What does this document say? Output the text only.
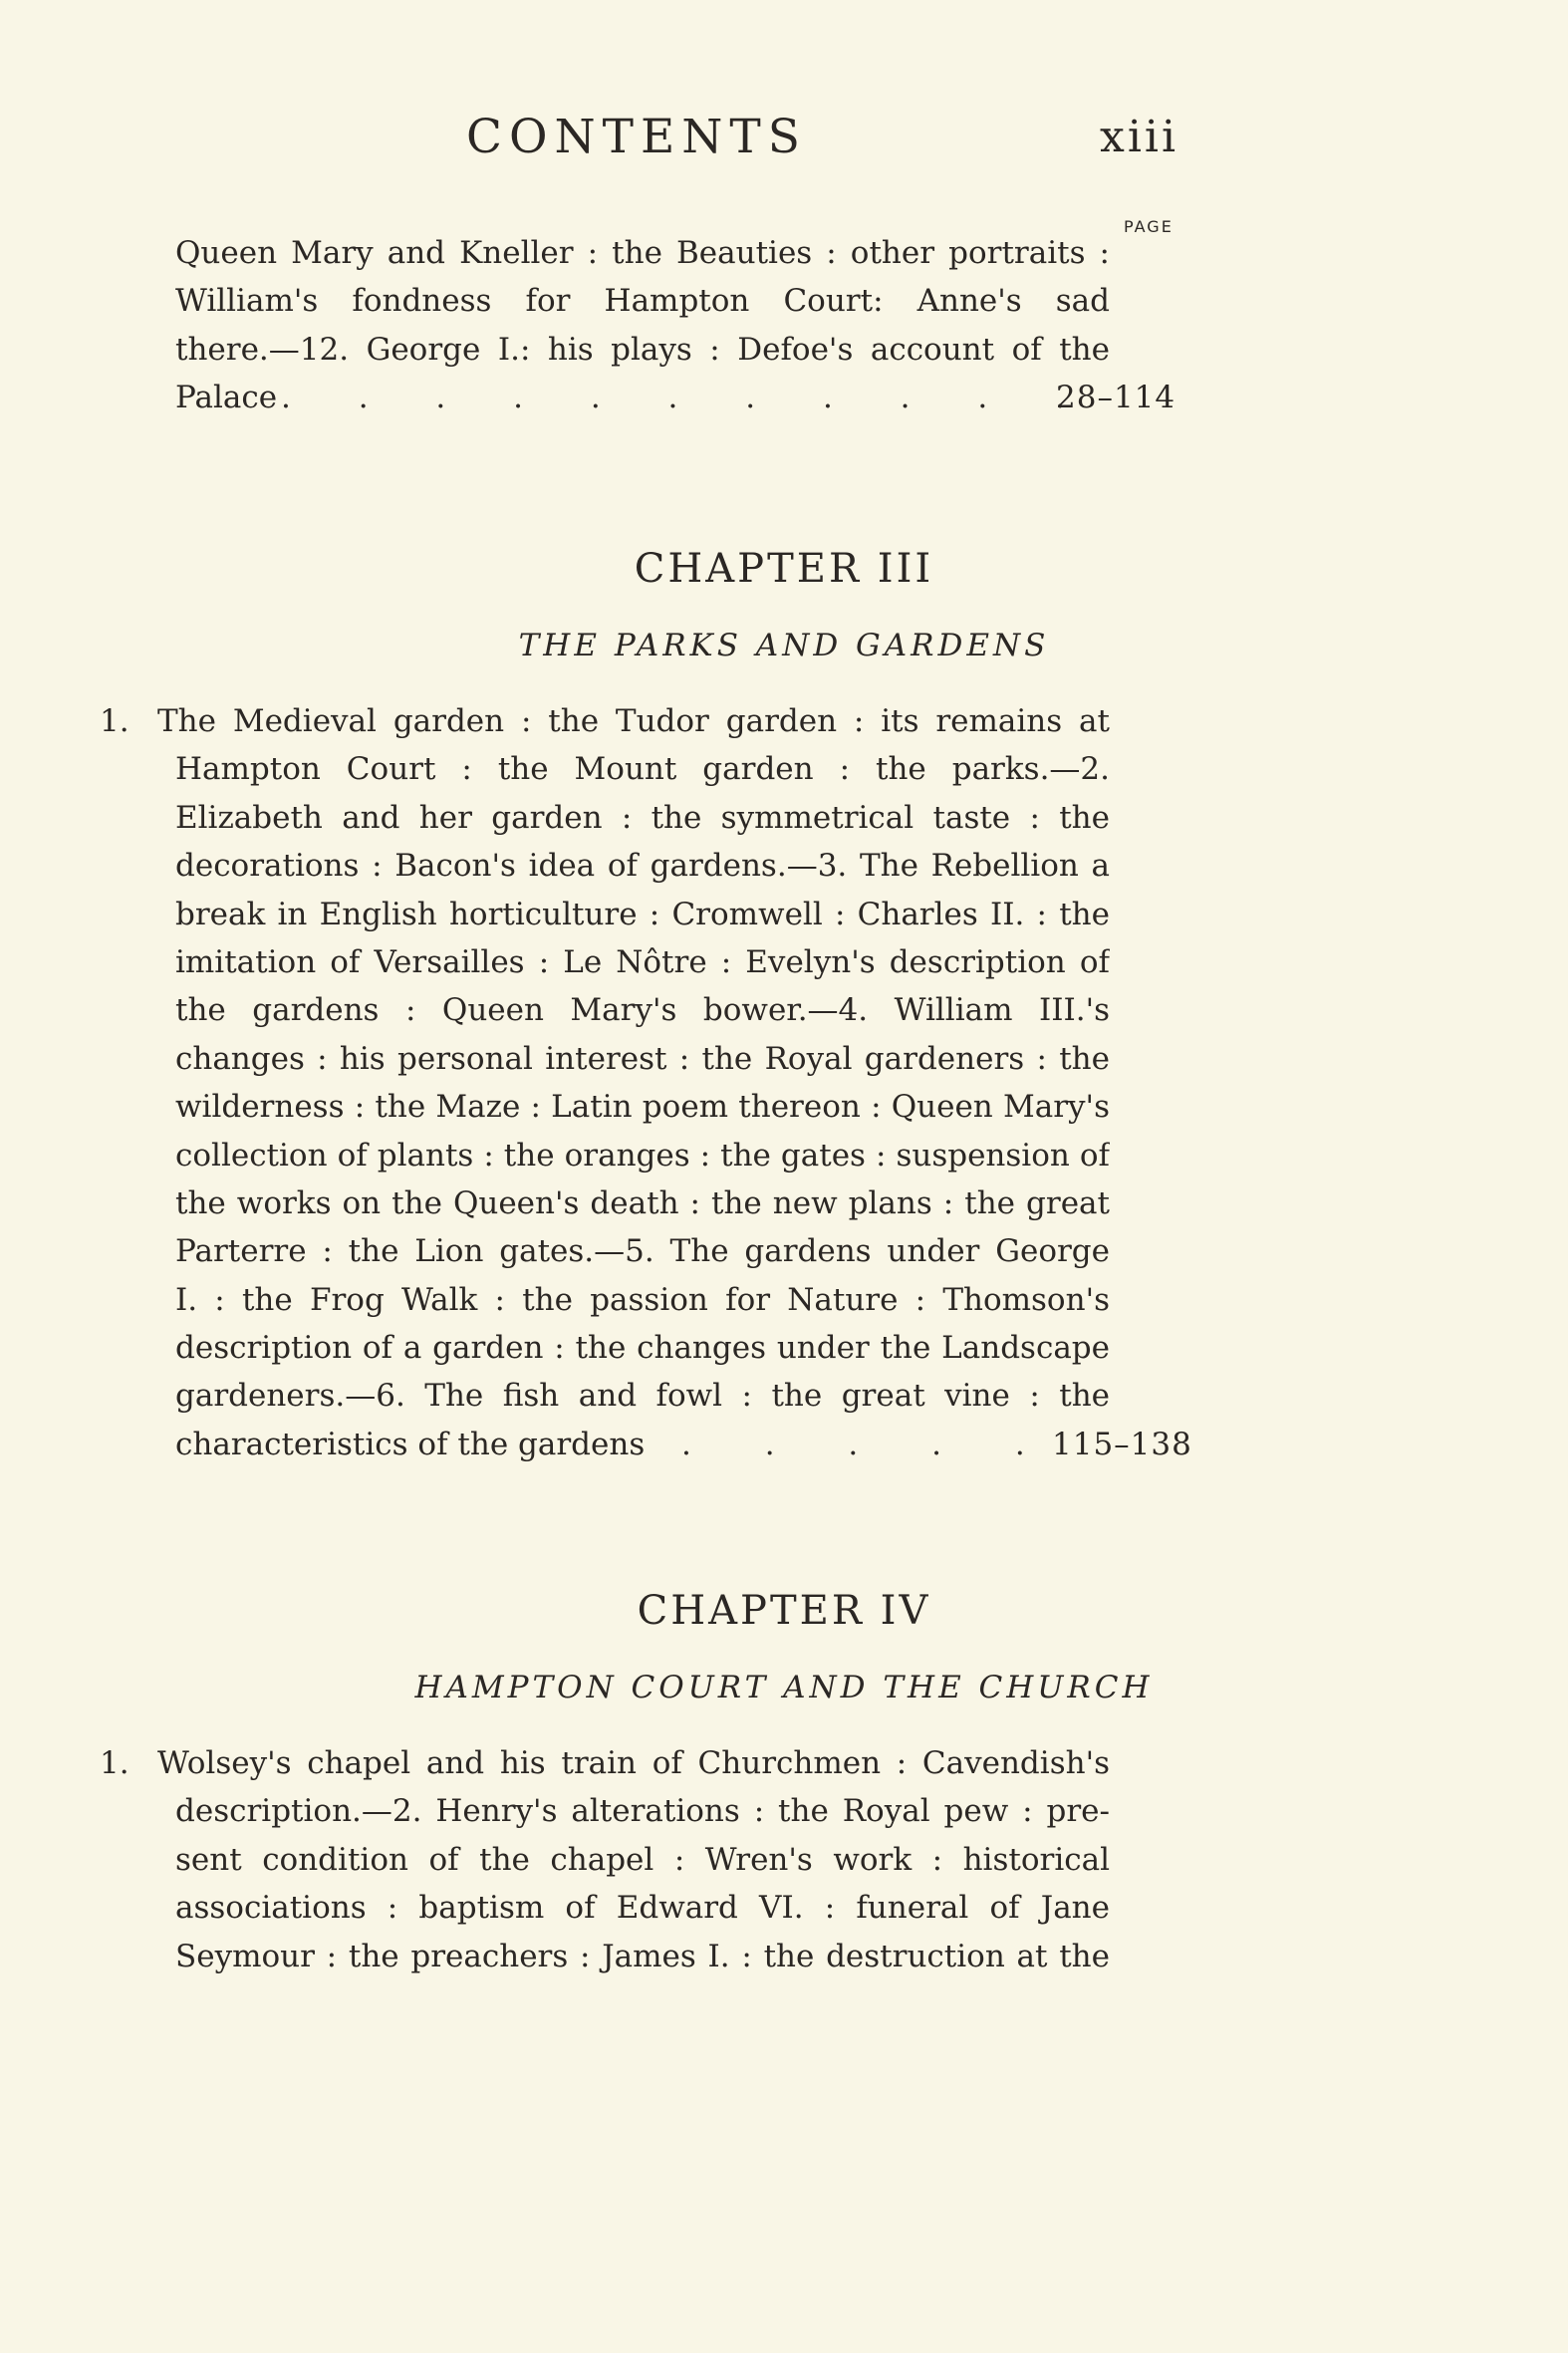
CONTENTS	xiii
PAGE
Queen Mary and Kneller : the Beauties : other portraits :
William's fondness for Hampton Court: Anne's sad
there.—12. George I.: his plays : Defoe's account of the
Palace . . . . . . . . . . .
28–114
CHAPTER III
THE PARKS AND GARDENS
1. The Medieval garden : the Tudor garden : its remains at
Hampton Court : the Mount garden : the parks.—2.
Elizabeth and her garden : the symmetrical taste : the
decorations : Bacon's idea of gardens.—3. The Rebellion a
break in English horticulture : Cromwell : Charles II. : the
imitation of Versailles : Le Nôtre : Evelyn's description of
the gardens : Queen Mary's bower.—4. William III.'s
changes : his personal interest : the Royal gardeners : the
wilderness : the Maze : Latin poem thereon : Queen Mary's
collection of plants : the oranges : the gates : suspension of
the works on the Queen's death : the new plans : the great
Parterre : the Lion gates.—5. The gardens under George
I. : the Frog Walk : the passion for Nature : Thomson's
description of a garden : the changes under the Landscape
gardeners.—6. The fish and fowl : the great vine : the
characteristics of the gardens . . . . . 115–138
CHAPTER IV
HAMPTON COURT AND THE CHURCH
1. Wolsey's chapel and his train of Churchmen : Cavendish's
description.—2. Henry's alterations : the Royal pew : pre-
sent condition of the chapel : Wren's work : historical
associations : baptism of Edward VI. : funeral of Jane
Seymour : the preachers : James I. : the destruction at the
